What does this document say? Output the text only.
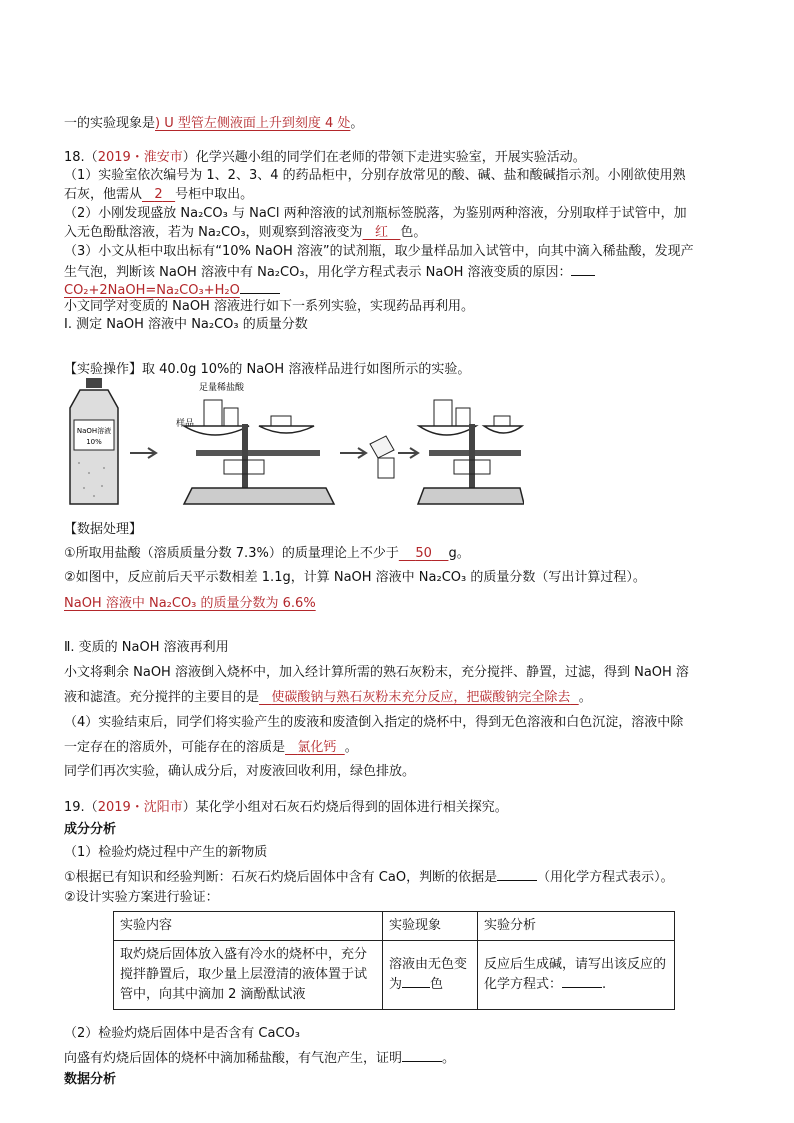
一的实验现象是) U 型管左侧液面上升到刻度 4 处。
18.（2019・淮安市）化学兴趣小组的同学们在老师的带领下走进实验室，开展实验活动。
（1）实验室依次编号为 1、2、3、4 的药品柜中，分别存放常见的酸、碱、盐和酸碱指示剂。小刚欲使用熟
石灰，他需从 2 号柜中取出。
（2）小刚发现盛放 Na₂CO₃ 与 NaCl 两种溶液的试剂瓶标签脱落，为鉴别两种溶液，分别取样于试管中，加
入无色酚酞溶液，若为 Na₂CO₃，则观察到溶液变为 红 色。
（3）小文从柜中取出标有“10% NaOH 溶液”的试剂瓶，取少量样品加入试管中，向其中滴入稀盐酸，发现产
生气泡，判断该 NaOH 溶液中有 Na₂CO₃，用化学方程式表示 NaOH 溶液变质的原因：
CO₂+2NaOH=Na₂CO₃+H₂O
小文同学对变质的 NaOH 溶液进行如下一系列实验，实现药品再利用。
Ⅰ. 测定 NaOH 溶液中 Na₂CO₃ 的质量分数
【实验操作】取 40.0g 10%的 NaOH 溶液样品进行如图所示的实验。
NaOH溶液
10%
足量稀盐酸
样品
【数据处理】
①所取用盐酸（溶质质量分数 7.3%）的质量理论上不少于 50 g。
②如图中，反应前后天平示数相差 1.1g，计算 NaOH 溶液中 Na₂CO₃ 的质量分数（写出计算过程）。
NaOH 溶液中 Na₂CO₃ 的质量分数为 6.6%
Ⅱ. 变质的 NaOH 溶液再利用
小文将剩余 NaOH 溶液倒入烧杯中，加入经计算所需的熟石灰粉末，充分搅拌、静置，过滤，得到 NaOH 溶
液和滤渣。充分搅拌的主要目的是 使碳酸钠与熟石灰粉末充分反应，把碳酸钠完全除去 。
（4）实验结束后，同学们将实验产生的废液和废渣倒入指定的烧杯中，得到无色溶液和白色沉淀，溶液中除
一定存在的溶质外，可能存在的溶质是 氯化钙 。
同学们再次实验，确认成分后，对废液回收利用，绿色排放。
19.（2019・沈阳市）某化学小组对石灰石灼烧后得到的固体进行相关探究。
成分分析
（1）检验灼烧过程中产生的新物质
①根据已有知识和经验判断：石灰石灼烧后固体中含有 CaO，判断的依据是	（用化学方程式表示）。
②设计实验方案进行验证：
实验内容	实验现象	实验分析
取灼烧后固体放入盛有冷水的烧杯中，充分搅拌静置后，取少量上层澄清的液体置于试管中，向其中滴加 2 滴酚酞试液	溶液由无色变为 色	反应后生成碱，请写出该反应的化学方程式： .
（2）检验灼烧后固体中是否含有 CaCO₃
向盛有灼烧后固体的烧杯中滴加稀盐酸，有气泡产生，证明	。
数据分析
